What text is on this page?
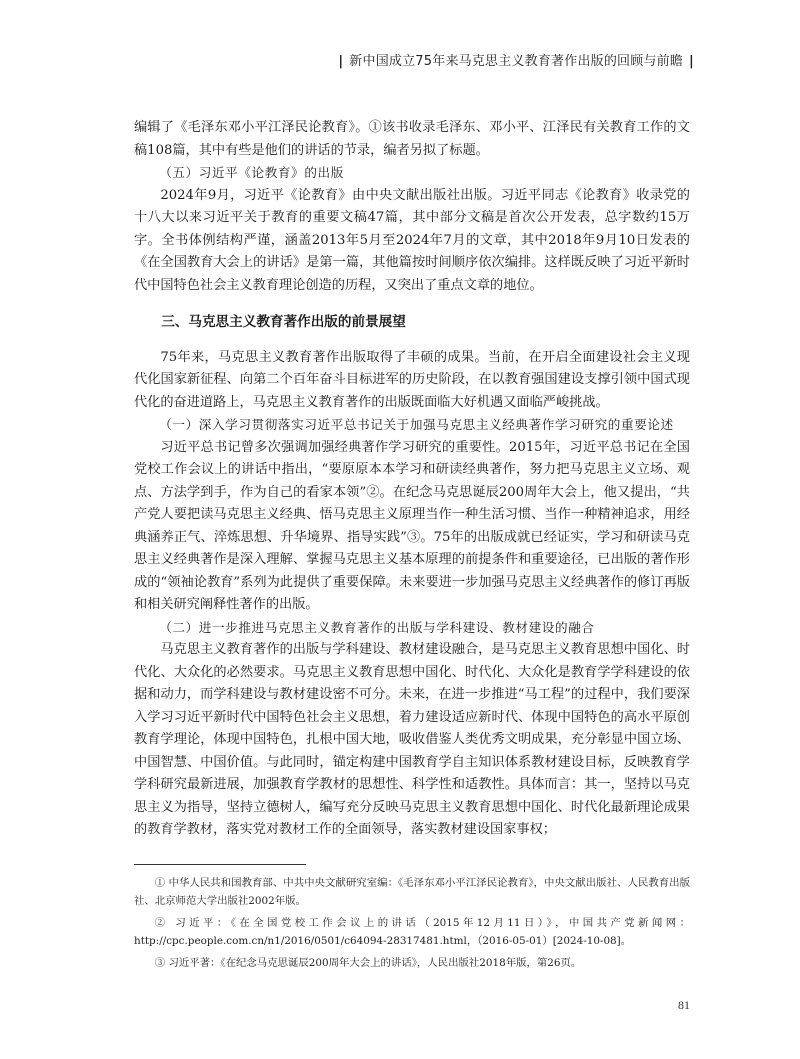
| 新中国成立75年来马克思主义教育著作出版的回顾与前瞻 |

编辑了《毛泽东邓小平江泽民论教育》。①该书收录毛泽东、邓小平、江泽民有关教育工作的文稿108篇，其中有些是他们的讲话的节录，编者另拟了标题。

（五）习近平《论教育》的出版

2024年9月，习近平《论教育》由中央文献出版社出版。习近平同志《论教育》收录党的十八大以来习近平关于教育的重要文稿47篇，其中部分文稿是首次公开发表，总字数约15万字。全书体例结构严谨，涵盖2013年5月至2024年7月的文章，其中2018年9月10日发表的《在全国教育大会上的讲话》是第一篇，其他篇按时间顺序依次编排。这样既反映了习近平新时代中国特色社会主义教育理论创造的历程，又突出了重点文章的地位。

三、马克思主义教育著作出版的前景展望

75年来，马克思主义教育著作出版取得了丰硕的成果。当前，在开启全面建设社会主义现代化国家新征程、向第二个百年奋斗目标进军的历史阶段，在以教育强国建设支撑引领中国式现代化的奋进道路上，马克思主义教育著作的出版既面临大好机遇又面临严峻挑战。

（一）深入学习贯彻落实习近平总书记关于加强马克思主义经典著作学习研究的重要论述

习近平总书记曾多次强调加强经典著作学习研究的重要性。2015年，习近平总书记在全国党校工作会议上的讲话中指出，“要原原本本学习和研读经典著作，努力把马克思主义立场、观点、方法学到手，作为自己的看家本领”②。在纪念马克思诞辰200周年大会上，他又提出，“共产党人要把读马克思主义经典、悟马克思主义原理当作一种生活习惯、当作一种精神追求，用经典涵养正气、淬炼思想、升华境界、指导实践”③。75年的出版成就已经证实，学习和研读马克思主义经典著作是深入理解、掌握马克思主义基本原理的前提条件和重要途径，已出版的著作形成的“领袖论教育”系列为此提供了重要保障。未来要进一步加强马克思主义经典著作的修订再版和相关研究阐释性著作的出版。

（二）进一步推进马克思主义教育著作的出版与学科建设、教材建设的融合

马克思主义教育著作的出版与学科建设、教材建设融合，是马克思主义教育思想中国化、时代化、大众化的必然要求。马克思主义教育思想中国化、时代化、大众化是教育学学科建设的依据和动力，而学科建设与教材建设密不可分。未来，在进一步推进“马工程”的过程中，我们要深入学习习近平新时代中国特色社会主义思想，着力建设适应新时代、体现中国特色的高水平原创教育学理论，体现中国特色，扎根中国大地，吸收借鉴人类优秀文明成果，充分彰显中国立场、中国智慧、中国价值。与此同时，锚定构建中国教育学自主知识体系教材建设目标，反映教育学学科研究最新进展，加强教育学教材的思想性、科学性和适教性。具体而言：其一，坚持以马克思主义为指导，坚持立德树人，编写充分反映马克思主义教育思想中国化、时代化最新理论成果的教育学教材，落实党对教材工作的全面领导，落实教材建设国家事权；

① 中华人民共和国教育部、中共中央文献研究室编：《毛泽东邓小平江泽民论教育》，中央文献出版社、人民教育出版社、北京师范大学出版社2002年版。

② 习近平：《在全国党校工作会议上的讲话（2015年12月11日）》，中国共产党新闻网：http://cpc.people.com.cn/n1/2016/0501/c64094-28317481.html，（2016-05-01）[2024-10-08]。

③ 习近平著：《在纪念马克思诞辰200周年大会上的讲话》，人民出版社2018年版，第26页。

81
